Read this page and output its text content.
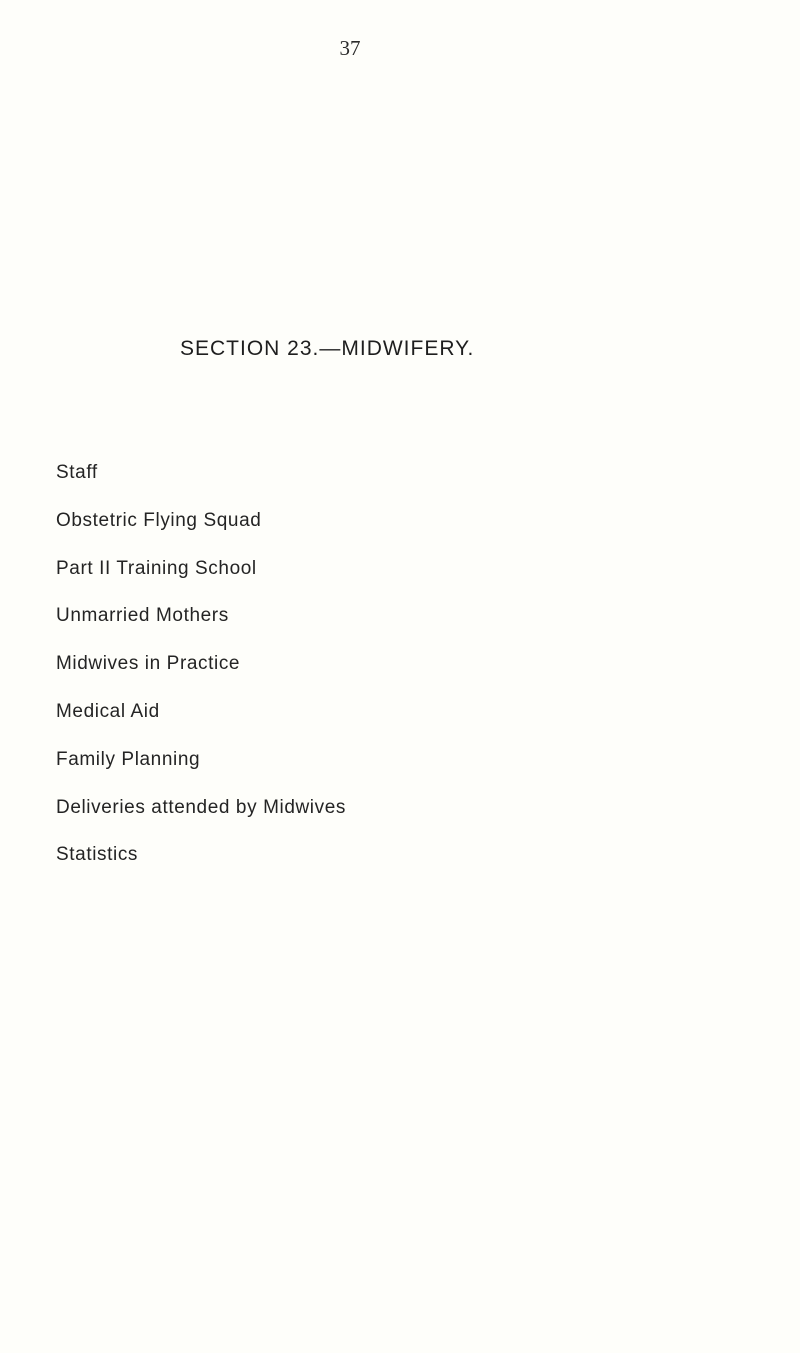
37
SECTION 23.—MIDWIFERY.
Staff
Obstetric Flying Squad
Part II Training School
Unmarried Mothers
Midwives in Practice
Medical Aid
Family Planning
Deliveries attended by Midwives
Statistics
